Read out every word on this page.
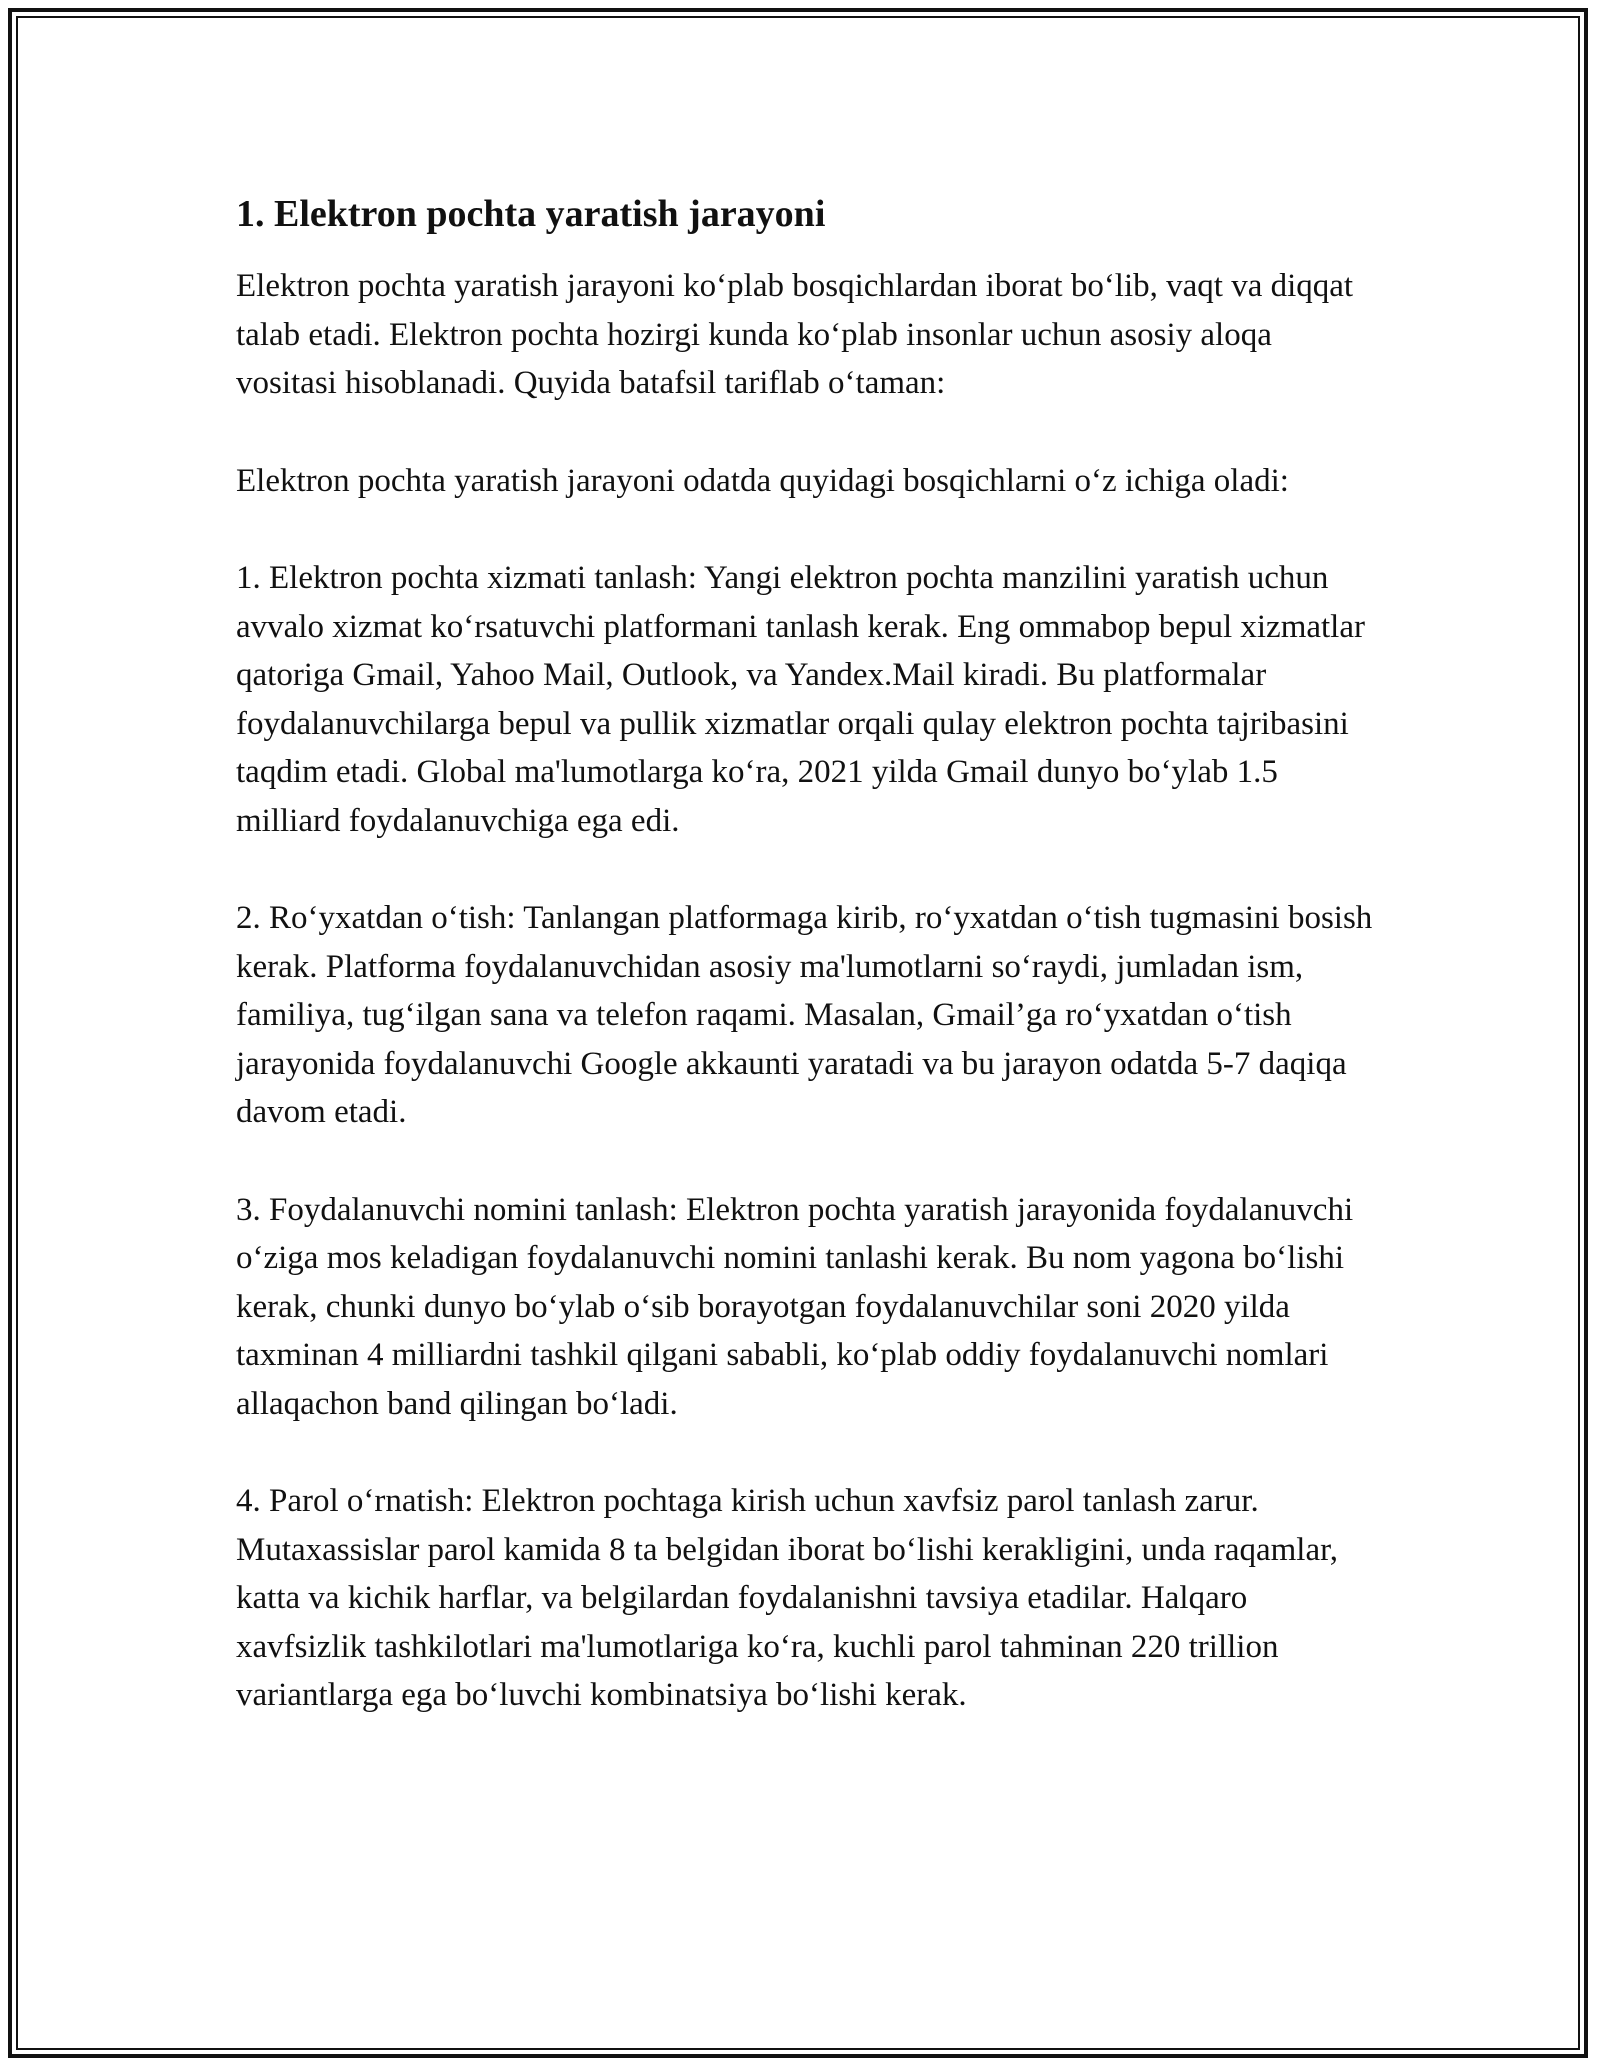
1. Elektron pochta yaratish jarayoni

Elektron pochta yaratish jarayoni ko‘plab bosqichlardan iborat bo‘lib, vaqt va diqqat talab etadi. Elektron pochta hozirgi kunda ko‘plab insonlar uchun asosiy aloqa vositasi hisoblanadi. Quyida batafsil tariflab o‘taman:

Elektron pochta yaratish jarayoni odatda quyidagi bosqichlarni o‘z ichiga oladi:

1. Elektron pochta xizmati tanlash: Yangi elektron pochta manzilini yaratish uchun avvalo xizmat ko‘rsatuvchi platformani tanlash kerak. Eng ommabop bepul xizmatlar qatoriga Gmail, Yahoo Mail, Outlook, va Yandex.Mail kiradi. Bu platformalar foydalanuvchilarga bepul va pullik xizmatlar orqali qulay elektron pochta tajribasini taqdim etadi. Global ma'lumotlarga ko‘ra, 2021 yilda Gmail dunyo bo‘ylab 1.5 milliard foydalanuvchiga ega edi.

2. Ro‘yxatdan o‘tish: Tanlangan platformaga kirib, ro‘yxatdan o‘tish tugmasini bosish kerak. Platforma foydalanuvchidan asosiy ma'lumotlarni so‘raydi, jumladan ism, familiya, tug‘ilgan sana va telefon raqami. Masalan, Gmail’ga ro‘yxatdan o‘tish jarayonida foydalanuvchi Google akkaunti yaratadi va bu jarayon odatda 5-7 daqiqa davom etadi.

3. Foydalanuvchi nomini tanlash: Elektron pochta yaratish jarayonida foydalanuvchi o‘ziga mos keladigan foydalanuvchi nomini tanlashi kerak. Bu nom yagona bo‘lishi kerak, chunki dunyo bo‘ylab o‘sib borayotgan foydalanuvchilar soni 2020 yilda taxminan 4 milliardni tashkil qilgani sababli, ko‘plab oddiy foydalanuvchi nomlari allaqachon band qilingan bo‘ladi.

4. Parol o‘rnatish: Elektron pochtaga kirish uchun xavfsiz parol tanlash zarur. Mutaxassislar parol kamida 8 ta belgidan iborat bo‘lishi kerakligini, unda raqamlar, katta va kichik harflar, va belgilardan foydalanishni tavsiya etadilar. Halqaro xavfsizlik tashkilotlari ma'lumotlariga ko‘ra, kuchli parol tahminan 220 trillion variantlarga ega bo‘luvchi kombinatsiya bo‘lishi kerak.
